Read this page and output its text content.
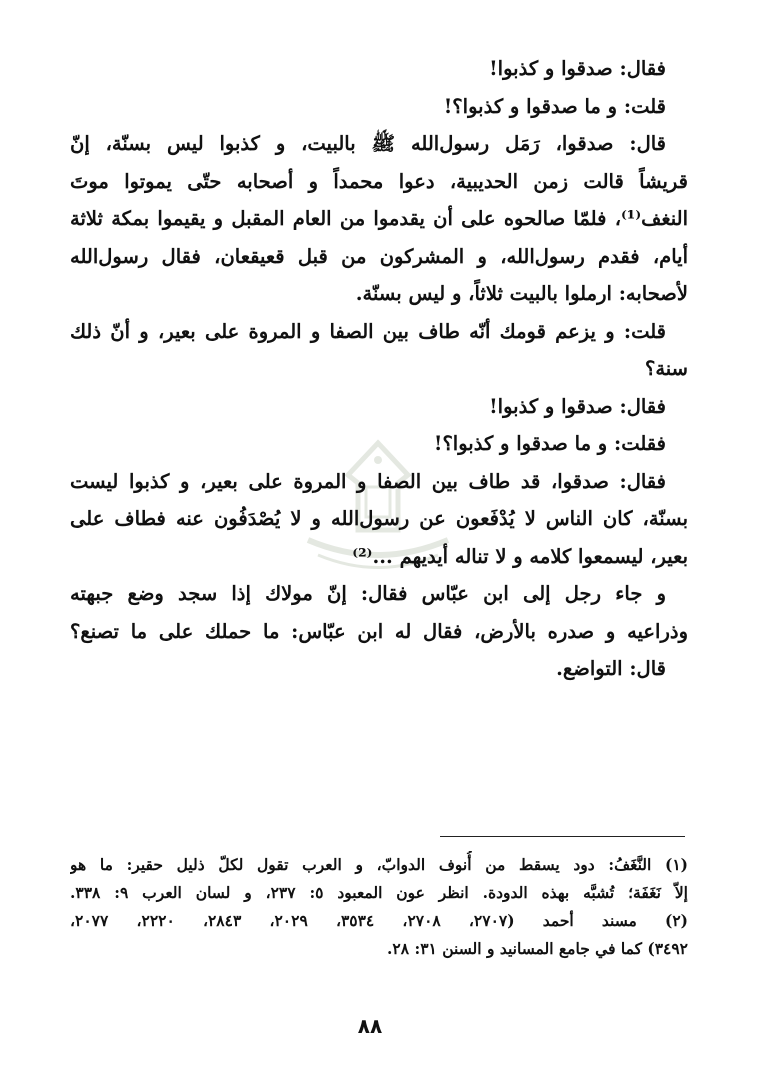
فقال: صدقوا و كذبوا!
قلت: و ما صدقوا و كذبوا؟!
قال: صدقوا، رَمَل رسول‌الله ﷺ بالبيت، و كذبوا ليس بسنّة، إنّ
قريشاً قالت زمن الحديبية، دعوا محمداً و أصحابه حتّى يموتوا موتَ
النغف⁽¹⁾، فلمّا صالحوه على أن يقدموا من العام المقبل و يقيموا بمكة ثلاثة
أيام، فقدم رسول‌الله، و المشركون من قبل قعيقعان، فقال رسول‌الله
لأصحابه: ارملوا بالبيت ثلاثاً، و ليس بسنّة.
قلت: و يزعم قومك أنّه طاف بين الصفا و المروة على بعير، و أنّ ذلك
سنة؟
فقال: صدقوا و كذبوا!
فقلت: و ما صدقوا و كذبوا؟!
فقال: صدقوا، قد طاف بين الصفا و المروة على بعير، و كذبوا ليست
بسنّة، كان الناس لا يُدْفَعون عن رسول‌الله و لا يُصْدَفُون عنه فطاف على
بعير، ليسمعوا كلامه و لا تناله أيديهم ...⁽²⁾
و جاء رجل إلى ابن عبّاس فقال: إنّ مولاك إذا سجد وضع جبهته
وذراعيه و صدره بالأرض، فقال له ابن عبّاس: ما حملك على ما تصنع؟
قال: التواضع.
(١) النَّغَفُ: دود يسقط من أُنوف الدوابّ، و العرب تقول لكلّ ذليل حقير: ما هو
إلاّ نَغَفَة؛ تُشبَّه بهذه الدودة. انظر عون المعبود ٥: ٢٣٧، و لسان العرب ٩: ٣٣٨.
(٢) مسند أحمد (٢٧٠٧، ٢٧٠٨، ٣٥٣٤، ٢٠٢٩، ٢٨٤٣، ٢٢٢٠، ٢٠٧٧،
٣٤٩٢) كما في جامع المسانيد و السنن ٣١: ٢٨.
٨٨
